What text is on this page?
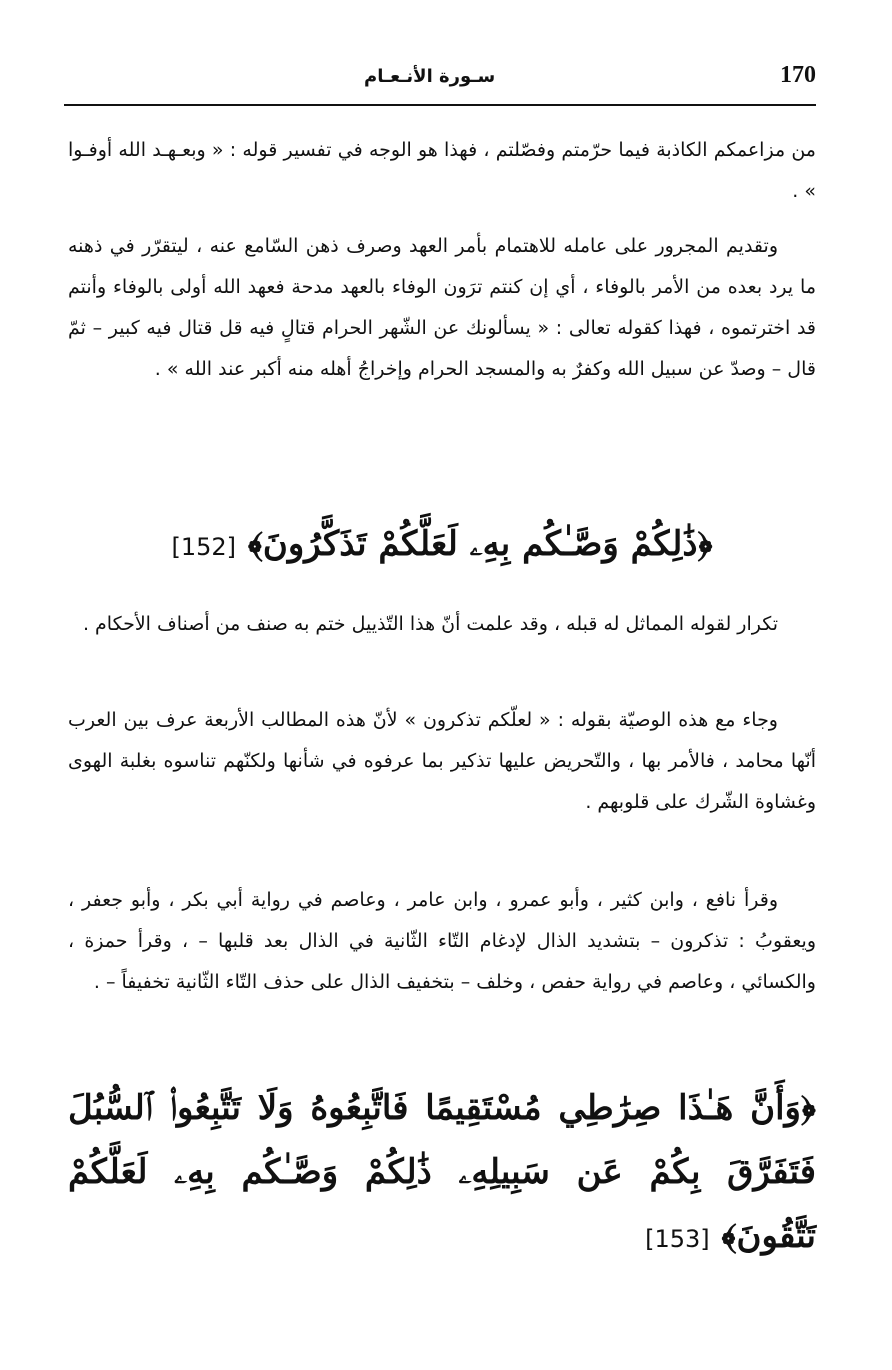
170
سـورة الأنـعـام

من مزاعمكم الكاذبة فيما حرّمتم وفصّلتم ، فهذا هو الوجه في تفسير قوله : « وبعـهـد الله أوفـوا » .

وتقديم المجرور على عامله للاهتمام بأمر العهد وصرف ذهن السّامع عنه ، ليتقرّر في ذهنه ما يرد بعده من الأمر بالوفاء ، أي إن كنتم ترَون الوفاء بالعهد مدحة فعهد الله أولى بالوفاء وأنتم قد اخترتموه ، فهذا كقوله تعالى : « يسألونك عن الشّهر الحرام قتالٍ فيه قل قتال فيه كبير – ثمّ قال – وصدّ عن سبيل الله وكفرٌ به والمسجد الحرام وإخراجُ أهله منه أكبر عند الله » .

﴿ذَٰلِكُمْ وَصَّـٰكُم بِهِۦ لَعَلَّكُمْ تَذَكَّرُونَ﴾ [152]

تكرار لقوله المماثل له قبله ، وقد علمت أنّ هذا التّذييل ختم به صنف من أصناف الأحكام .

وجاء مع هذه الوصيّة بقوله : « لعلّكم تذكرون » لأنّ هذه المطالب الأربعة عرف بين العرب أنّها محامد ، فالأمر بها ، والتّحريض عليها تذكير بما عرفوه في شأنها ولكنّهم تناسوه بغلبة الهوى وغشاوة الشّرك على قلوبهم .

وقرأ نافع ، وابن كثير ، وأبو عمرو ، وابن عامر ، وعاصم في رواية أبي بكر ، وأبو جعفر ، ويعقوبُ : تذكرون – بتشديد الذال لإدغام التّاء الثّانية في الذال بعد قلبها – ، وقرأ حمزة ، والكسائي ، وعاصم في رواية حفص ، وخلف – بتخفيف الذال على حذف التّاء الثّانية تخفيفاً – .

﴿وَأَنَّ هَـٰذَا صِرَٰطِي مُسْتَقِيمًا فَاتَّبِعُوهُ وَلَا تَتَّبِعُوا۟ ٱلسُّبُلَ فَتَفَرَّقَ بِكُمْ عَن سَبِيلِهِۦ ذَٰلِكُمْ وَصَّـٰكُم بِهِۦ لَعَلَّكُمْ تَتَّقُونَ﴾ [153]
